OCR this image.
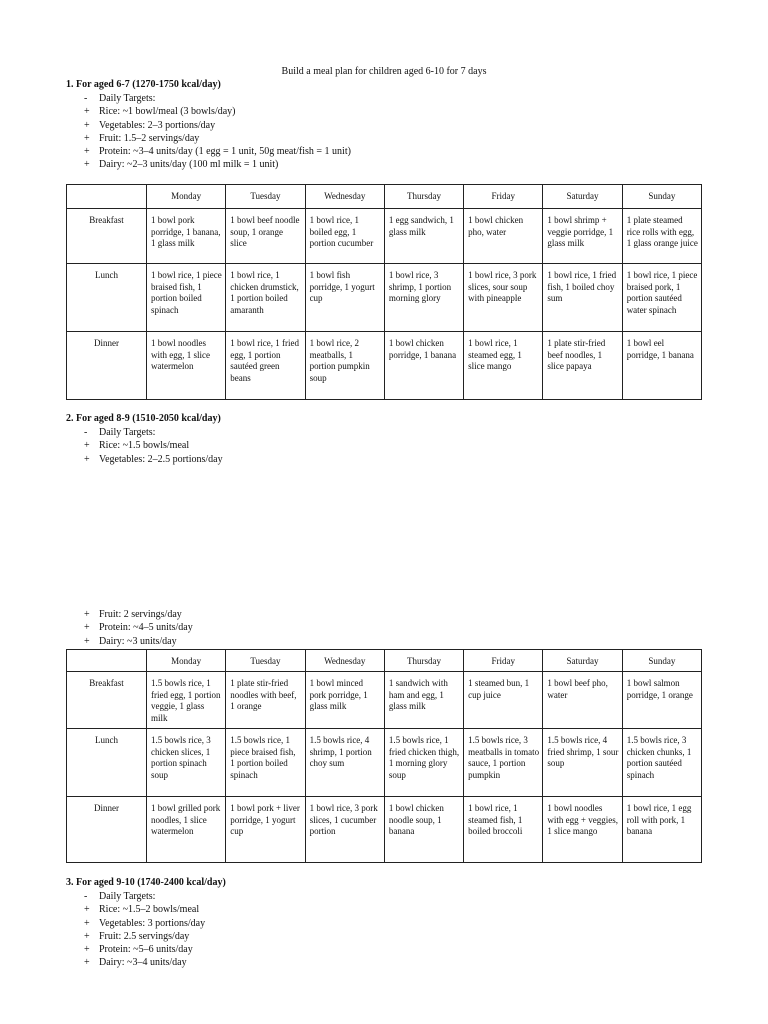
Build a meal plan for children aged 6-10 for 7 days
1. For aged 6-7 (1270-1750 kcal/day)
- Daily Targets:
+ Rice: ~1 bowl/meal (3 bowls/day)
+ Vegetables: 2–3 portions/day
+ Fruit: 1.5–2 servings/day
+ Protein: ~3–4 units/day (1 egg = 1 unit, 50g meat/fish = 1 unit)
+ Dairy: ~2–3 units/day (100 ml milk = 1 unit)
	Monday	Tuesday	Wednesday	Thursday	Friday	Saturday	Sunday
Breakfast	1 bowl pork porridge, 1 banana, 1 glass milk	1 bowl beef noodle soup, 1 orange slice	1 bowl rice, 1 boiled egg, 1 portion cucumber	1 egg sandwich, 1 glass milk	1 bowl chicken pho, water	1 bowl shrimp + veggie porridge, 1 glass milk	1 plate steamed rice rolls with egg, 1 glass orange juice
Lunch	1 bowl rice, 1 piece braised fish, 1 portion boiled spinach	1 bowl rice, 1 chicken drumstick, 1 portion boiled amaranth	1 bowl fish porridge, 1 yogurt cup	1 bowl rice, 3 shrimp, 1 portion morning glory	1 bowl rice, 3 pork slices, sour soup with pineapple	1 bowl rice, 1 fried fish, 1 boiled choy sum	1 bowl rice, 1 piece braised pork, 1 portion sautéed water spinach
Dinner	1 bowl noodles with egg, 1 slice watermelon	1 bowl rice, 1 fried egg, 1 portion sautéed green beans	1 bowl rice, 2 meatballs, 1 portion pumpkin soup	1 bowl chicken porridge, 1 banana	1 bowl rice, 1 steamed egg, 1 slice mango	1 plate stir-fried beef noodles, 1 slice papaya	1 bowl eel porridge, 1 banana
2. For aged 8-9 (1510-2050 kcal/day)
- Daily Targets:
+ Rice: ~1.5 bowls/meal
+ Vegetables: 2–2.5 portions/day
+ Fruit: 2 servings/day
+ Protein: ~4–5 units/day
+ Dairy: ~3 units/day
	Monday	Tuesday	Wednesday	Thursday	Friday	Saturday	Sunday
Breakfast	1.5 bowls rice, 1 fried egg, 1 portion veggie, 1 glass milk	1 plate stir-fried noodles with beef, 1 orange	1 bowl minced pork porridge, 1 glass milk	1 sandwich with ham and egg, 1 glass milk	1 steamed bun, 1 cup juice	1 bowl beef pho, water	1 bowl salmon porridge, 1 orange
Lunch	1.5 bowls rice, 3 chicken slices, 1 portion spinach soup	1.5 bowls rice, 1 piece braised fish, 1 portion boiled spinach	1.5 bowls rice, 4 shrimp, 1 portion choy sum	1.5 bowls rice, 1 fried chicken thigh, 1 morning glory soup	1.5 bowls rice, 3 meatballs in tomato sauce, 1 portion pumpkin	1.5 bowls rice, 4 fried shrimp, 1 sour soup	1.5 bowls rice, 3 chicken chunks, 1 portion sautéed spinach
Dinner	1 bowl grilled pork noodles, 1 slice watermelon	1 bowl pork + liver porridge, 1 yogurt cup	1 bowl rice, 3 pork slices, 1 cucumber portion	1 bowl chicken noodle soup, 1 banana	1 bowl rice, 1 steamed fish, 1 boiled broccoli	1 bowl noodles with egg + veggies, 1 slice mango	1 bowl rice, 1 egg roll with pork, 1 banana
3. For aged 9-10 (1740-2400 kcal/day)
- Daily Targets:
+ Rice: ~1.5–2 bowls/meal
+ Vegetables: 3 portions/day
+ Fruit: 2.5 servings/day
+ Protein: ~5–6 units/day
+ Dairy: ~3–4 units/day
